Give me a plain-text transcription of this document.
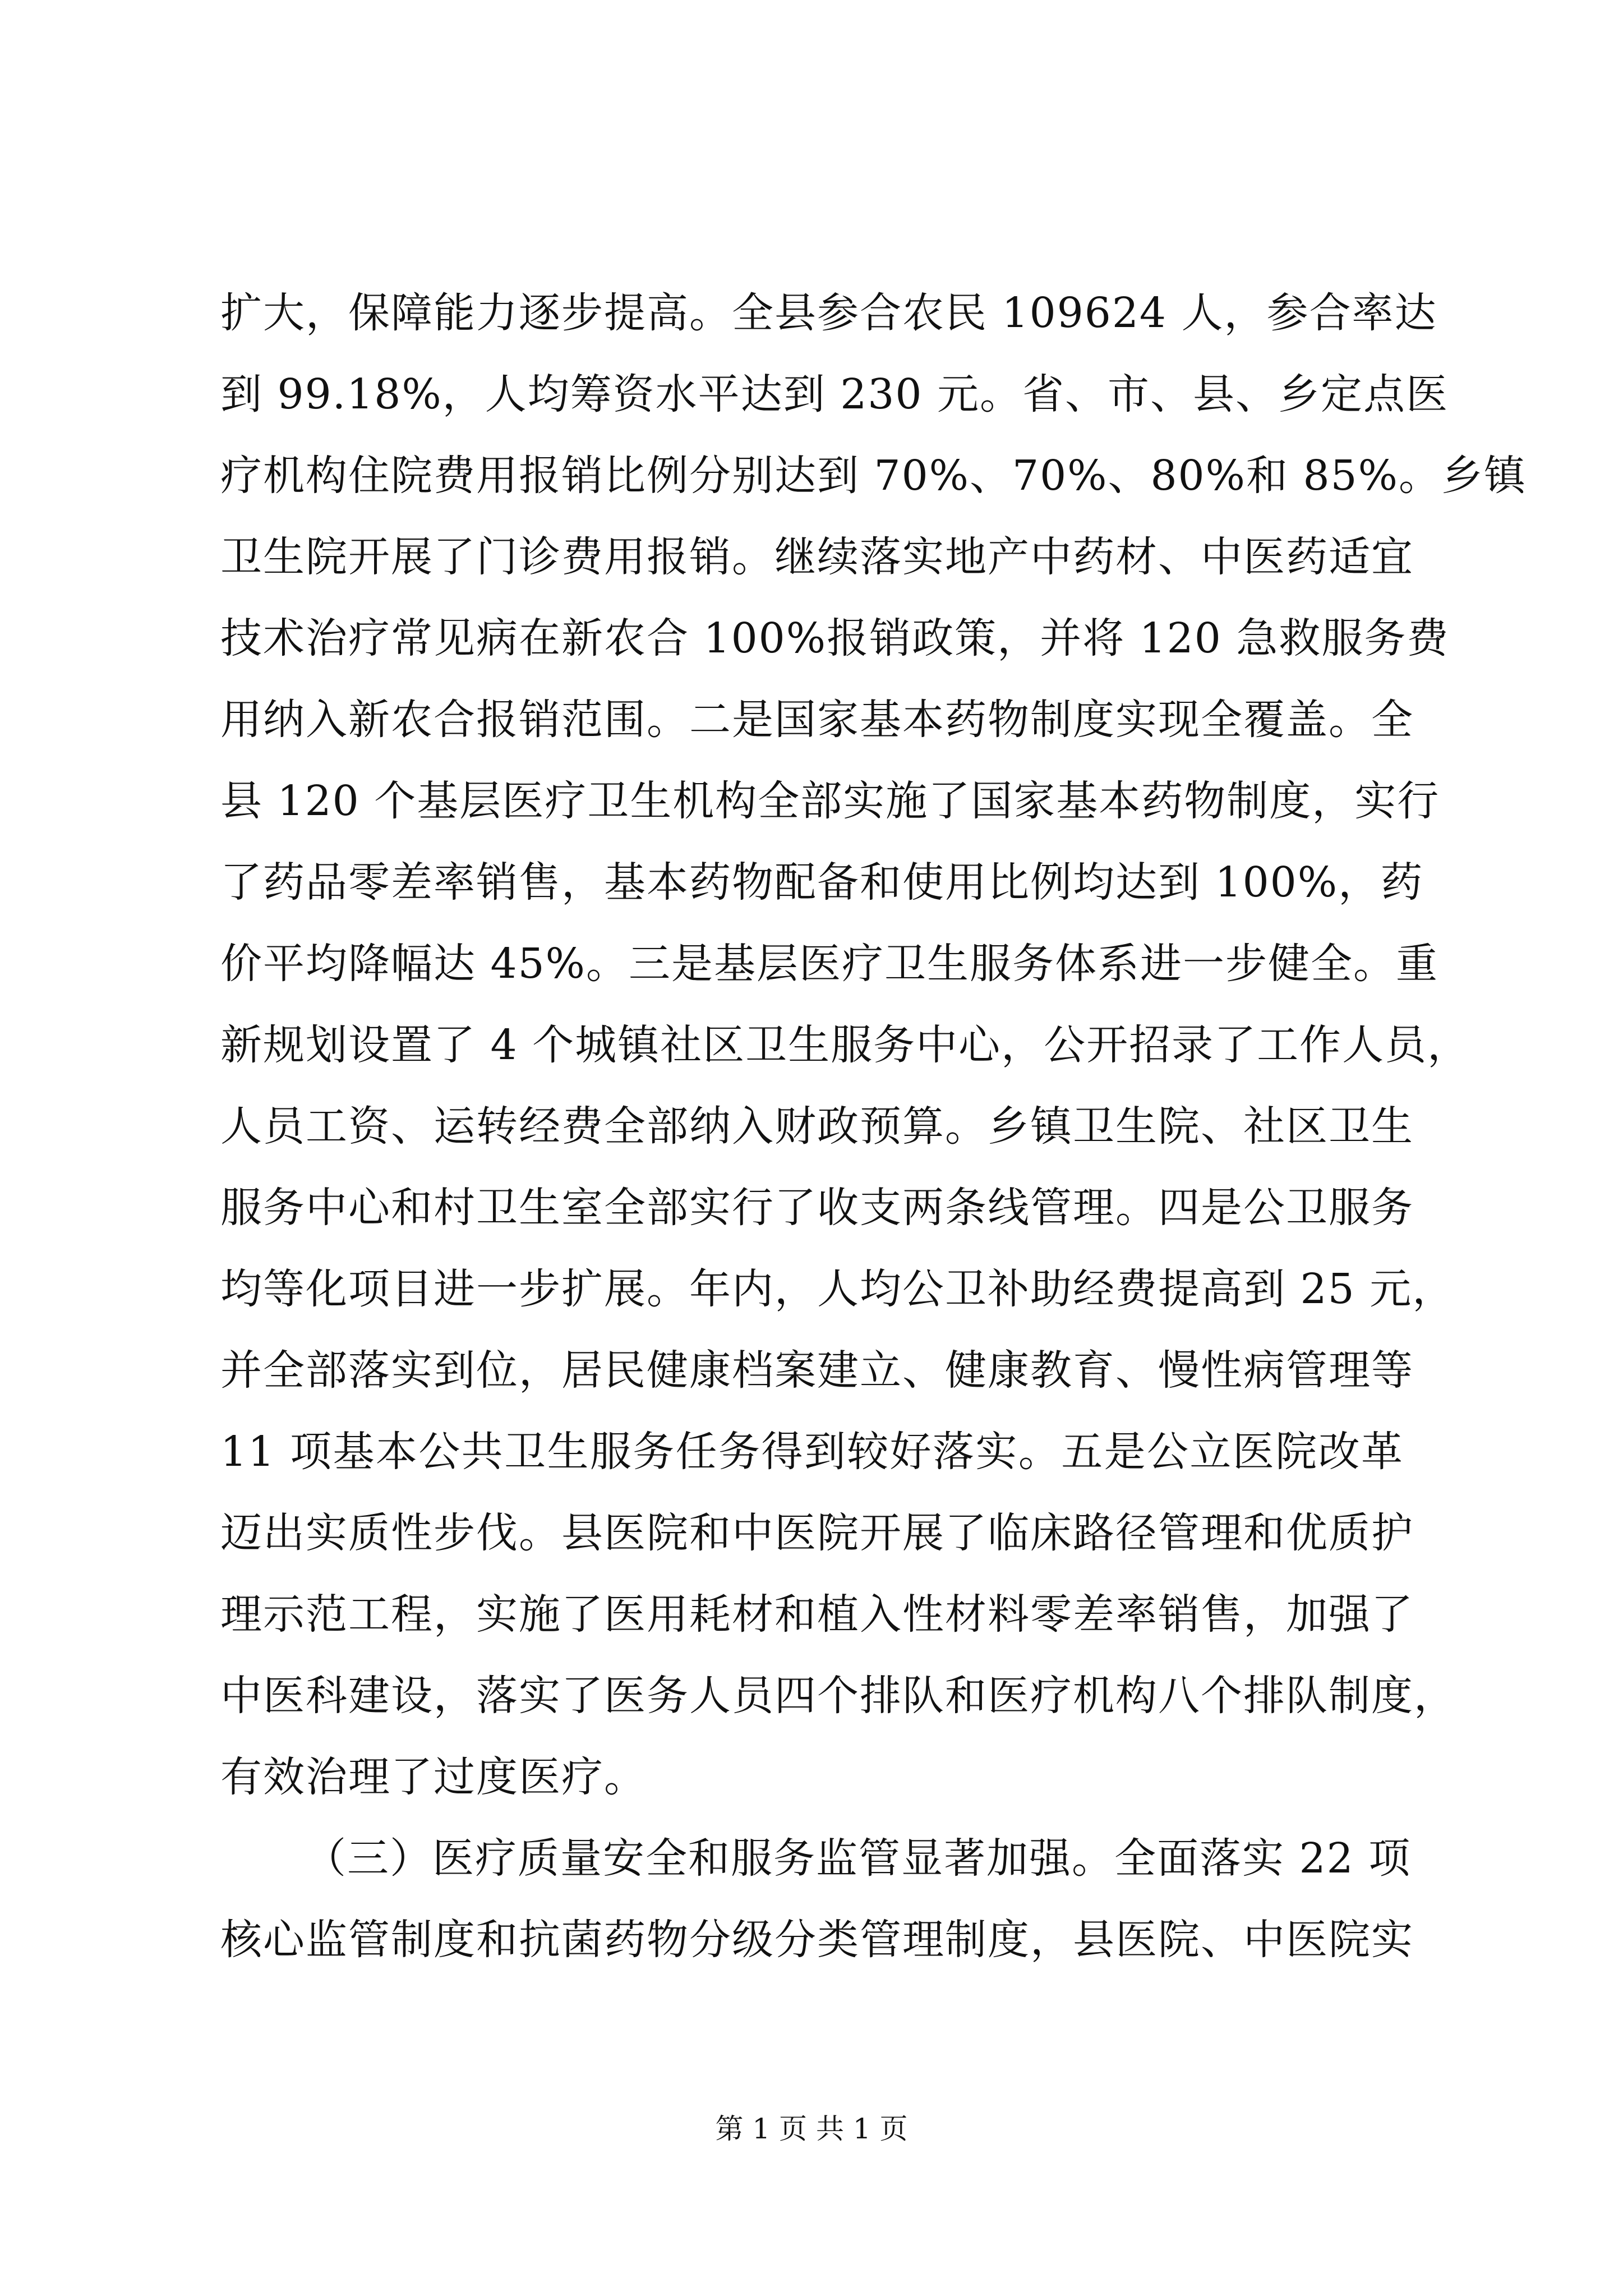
扩大，保障能力逐步提高。全县参合农民 109624 人，参合率达
到 99.18%，人均筹资水平达到 230 元。省、市、县、乡定点医
疗机构住院费用报销比例分别达到 70%、70%、80%和 85%。乡镇
卫生院开展了门诊费用报销。继续落实地产中药材、中医药适宜
技术治疗常见病在新农合 100%报销政策，并将 120 急救服务费
用纳入新农合报销范围。二是国家基本药物制度实现全覆盖。全
县 120 个基层医疗卫生机构全部实施了国家基本药物制度，实行
了药品零差率销售，基本药物配备和使用比例均达到 100%，药
价平均降幅达 45%。三是基层医疗卫生服务体系进一步健全。重
新规划设置了 4 个城镇社区卫生服务中心，公开招录了工作人员，
人员工资、运转经费全部纳入财政预算。乡镇卫生院、社区卫生
服务中心和村卫生室全部实行了收支两条线管理。四是公卫服务
均等化项目进一步扩展。年内，人均公卫补助经费提高到 25 元，
并全部落实到位，居民健康档案建立、健康教育、慢性病管理等
11 项基本公共卫生服务任务得到较好落实。五是公立医院改革
迈出实质性步伐。县医院和中医院开展了临床路径管理和优质护
理示范工程，实施了医用耗材和植入性材料零差率销售，加强了
中医科建设，落实了医务人员四个排队和医疗机构八个排队制度，
有效治理了过度医疗。
（三）医疗质量安全和服务监管显著加强。全面落实 22 项
核心监管制度和抗菌药物分级分类管理制度，县医院、中医院实
第 1 页 共 1 页
